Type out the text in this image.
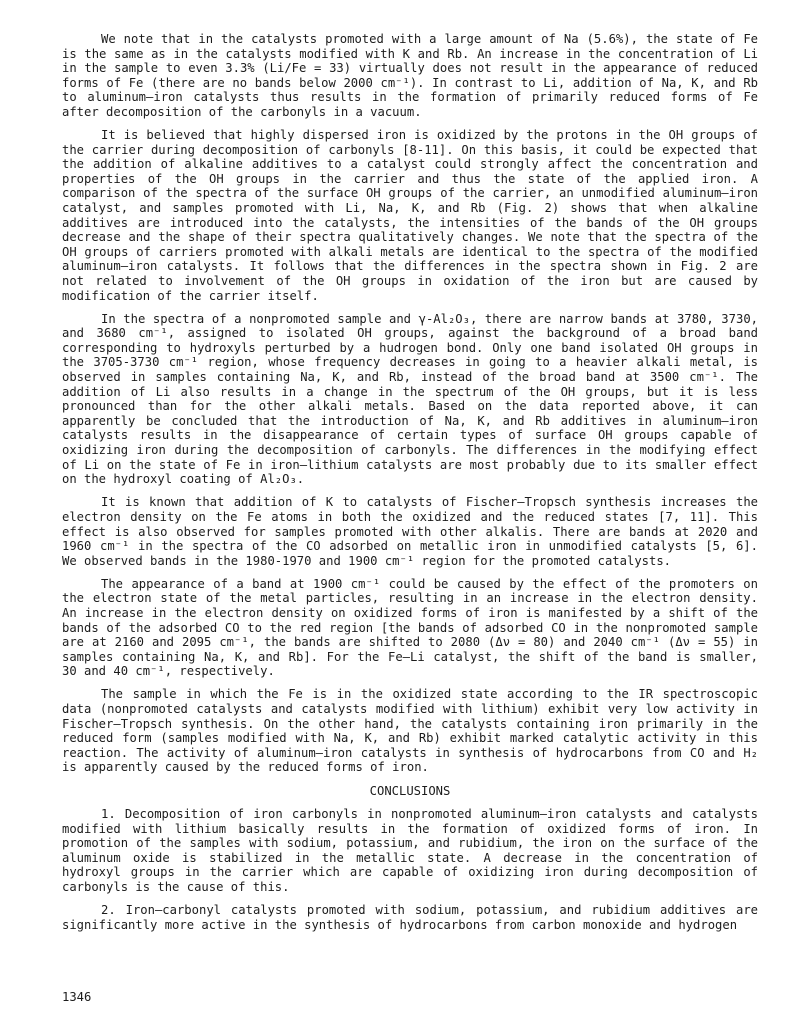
We note that in the catalysts promoted with a large amount of Na (5.6%), the state of Fe is the same as in the catalysts modified with K and Rb. An increase in the concentration of Li in the sample to even 3.3% (Li/Fe = 33) virtually does not result in the appearance of reduced forms of Fe (there are no bands below 2000 cm⁻¹). In contrast to Li, addition of Na, K, and Rb to aluminum–iron catalysts thus results in the formation of primarily reduced forms of Fe after decomposition of the carbonyls in a vacuum.

It is believed that highly dispersed iron is oxidized by the protons in the OH groups of the carrier during decomposition of carbonyls [8-11]. On this basis, it could be expected that the addition of alkaline additives to a catalyst could strongly affect the concentration and properties of the OH groups in the carrier and thus the state of the applied iron. A comparison of the spectra of the surface OH groups of the carrier, an unmodified aluminum–iron catalyst, and samples promoted with Li, Na, K, and Rb (Fig. 2) shows that when alkaline additives are introduced into the catalysts, the intensities of the bands of the OH groups decrease and the shape of their spectra qualitatively changes. We note that the spectra of the OH groups of carriers promoted with alkali metals are identical to the spectra of the modified aluminum–iron catalysts. It follows that the differences in the spectra shown in Fig. 2 are not related to involvement of the OH groups in oxidation of the iron but are caused by modification of the carrier itself.

In the spectra of a nonpromoted sample and γ-Al₂O₃, there are narrow bands at 3780, 3730, and 3680 cm⁻¹, assigned to isolated OH groups, against the background of a broad band corresponding to hydroxyls perturbed by a hudrogen bond. Only one band isolated OH groups in the 3705-3730 cm⁻¹ region, whose frequency decreases in going to a heavier alkali metal, is observed in samples containing Na, K, and Rb, instead of the broad band at 3500 cm⁻¹. The addition of Li also results in a change in the spectrum of the OH groups, but it is less pronounced than for the other alkali metals. Based on the data reported above, it can apparently be concluded that the introduction of Na, K, and Rb additives in aluminum–iron catalysts results in the disappearance of certain types of surface OH groups capable of oxidizing iron during the decomposition of carbonyls. The differences in the modifying effect of Li on the state of Fe in iron–lithium catalysts are most probably due to its smaller effect on the hydroxyl coating of Al₂O₃.

It is known that addition of K to catalysts of Fischer–Tropsch synthesis increases the electron density on the Fe atoms in both the oxidized and the reduced states [7, 11]. This effect is also observed for samples promoted with other alkalis. There are bands at 2020 and 1960 cm⁻¹ in the spectra of the CO adsorbed on metallic iron in unmodified catalysts [5, 6]. We observed bands in the 1980-1970 and 1900 cm⁻¹ region for the promoted catalysts.

The appearance of a band at 1900 cm⁻¹ could be caused by the effect of the promoters on the electron state of the metal particles, resulting in an increase in the electron density. An increase in the electron density on oxidized forms of iron is manifested by a shift of the bands of the adsorbed CO to the red region [the bands of adsorbed CO in the nonpromoted sample are at 2160 and 2095 cm⁻¹, the bands are shifted to 2080 (Δν = 80) and 2040 cm⁻¹ (Δν = 55) in samples containing Na, K, and Rb]. For the Fe–Li catalyst, the shift of the band is smaller, 30 and 40 cm⁻¹, respectively.

The sample in which the Fe is in the oxidized state according to the IR spectroscopic data (nonpromoted catalysts and catalysts modified with lithium) exhibit very low activity in Fischer–Tropsch synthesis. On the other hand, the catalysts containing iron primarily in the reduced form (samples modified with Na, K, and Rb) exhibit marked catalytic activity in this reaction. The activity of aluminum–iron catalysts in synthesis of hydrocarbons from CO and H₂ is apparently caused by the reduced forms of iron.

CONCLUSIONS

1. Decomposition of iron carbonyls in nonpromoted aluminum–iron catalysts and catalysts modified with lithium basically results in the formation of oxidized forms of iron. In promotion of the samples with sodium, potassium, and rubidium, the iron on the surface of the aluminum oxide is stabilized in the metallic state. A decrease in the concentration of hydroxyl groups in the carrier which are capable of oxidizing iron during decomposition of carbonyls is the cause of this.

2. Iron–carbonyl catalysts promoted with sodium, potassium, and rubidium additives are significantly more active in the synthesis of hydrocarbons from carbon monoxide and hydrogen

1346
